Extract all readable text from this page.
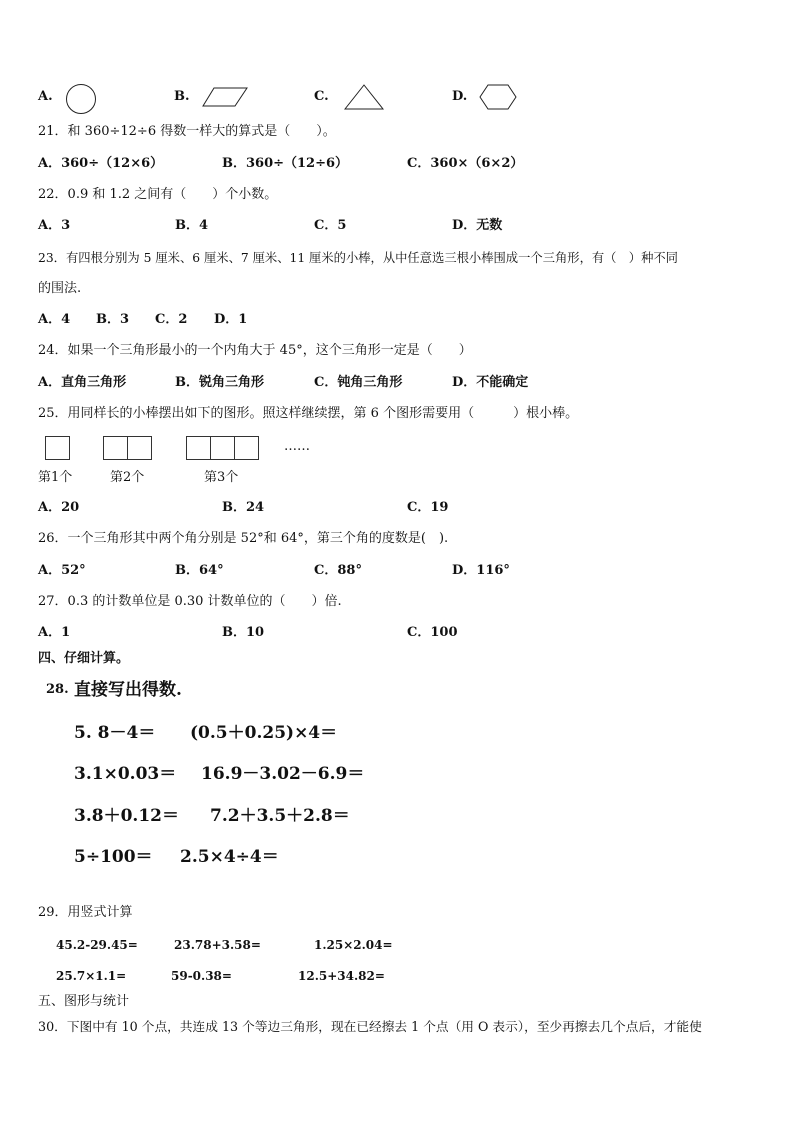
A.	B.	C.	D.
21．和 360÷12÷6 得数一样大的算式是（　　）。
A．360÷（12×6）	B．360÷（12÷6）	C．360×（6×2）
22．0.9 和 1.2 之间有（　　）个小数。
A．3	B．4	C．5	D．无数
23．有四根分别为 5 厘米、6 厘米、7 厘米、11 厘米的小棒，从中任意选三根小棒围成一个三角形，有（　）种不同
的围法.
A．4 B．3 C．2 D．1
24．如果一个三角形最小的一个内角大于 45°，这个三角形一定是（　　）
A．直角三角形	B．锐角三角形	C．钝角三角形	D．不能确定
25．用同样长的小棒摆出如下的图形。照这样继续摆，第 6 个图形需要用（　　　）根小棒。
……
第1个	第2个	第3个
A．20	B．24	C．19
26．一个三角形其中两个角分别是 52°和 64°，第三个角的度数是(　).
A．52°	B．64°	C．88°	D．116°
27．0.3 的计数单位是 0.30 计数单位的（　　）倍.
A．1	B．10	C．100
四、仔细计算。
28. 直接写出得数.
5. 8－4＝ (0.5＋0.25)×4＝
3.1×0.03＝ 16.9－3.02－6.9＝
3.8＋0.12＝ 7.2＋3.5＋2.8＝
5÷100＝ 2.5×4÷4＝
29．用竖式计算
45.2-29.45=	23.78+3.58=	1.25×2.04=
25.7×1.1=	59-0.38=	12.5+34.82=
五、图形与统计
30．下图中有 10 个点，共连成 13 个等边三角形，现在已经擦去 1 个点（用 O 表示），至少再擦去几个点后，才能使
